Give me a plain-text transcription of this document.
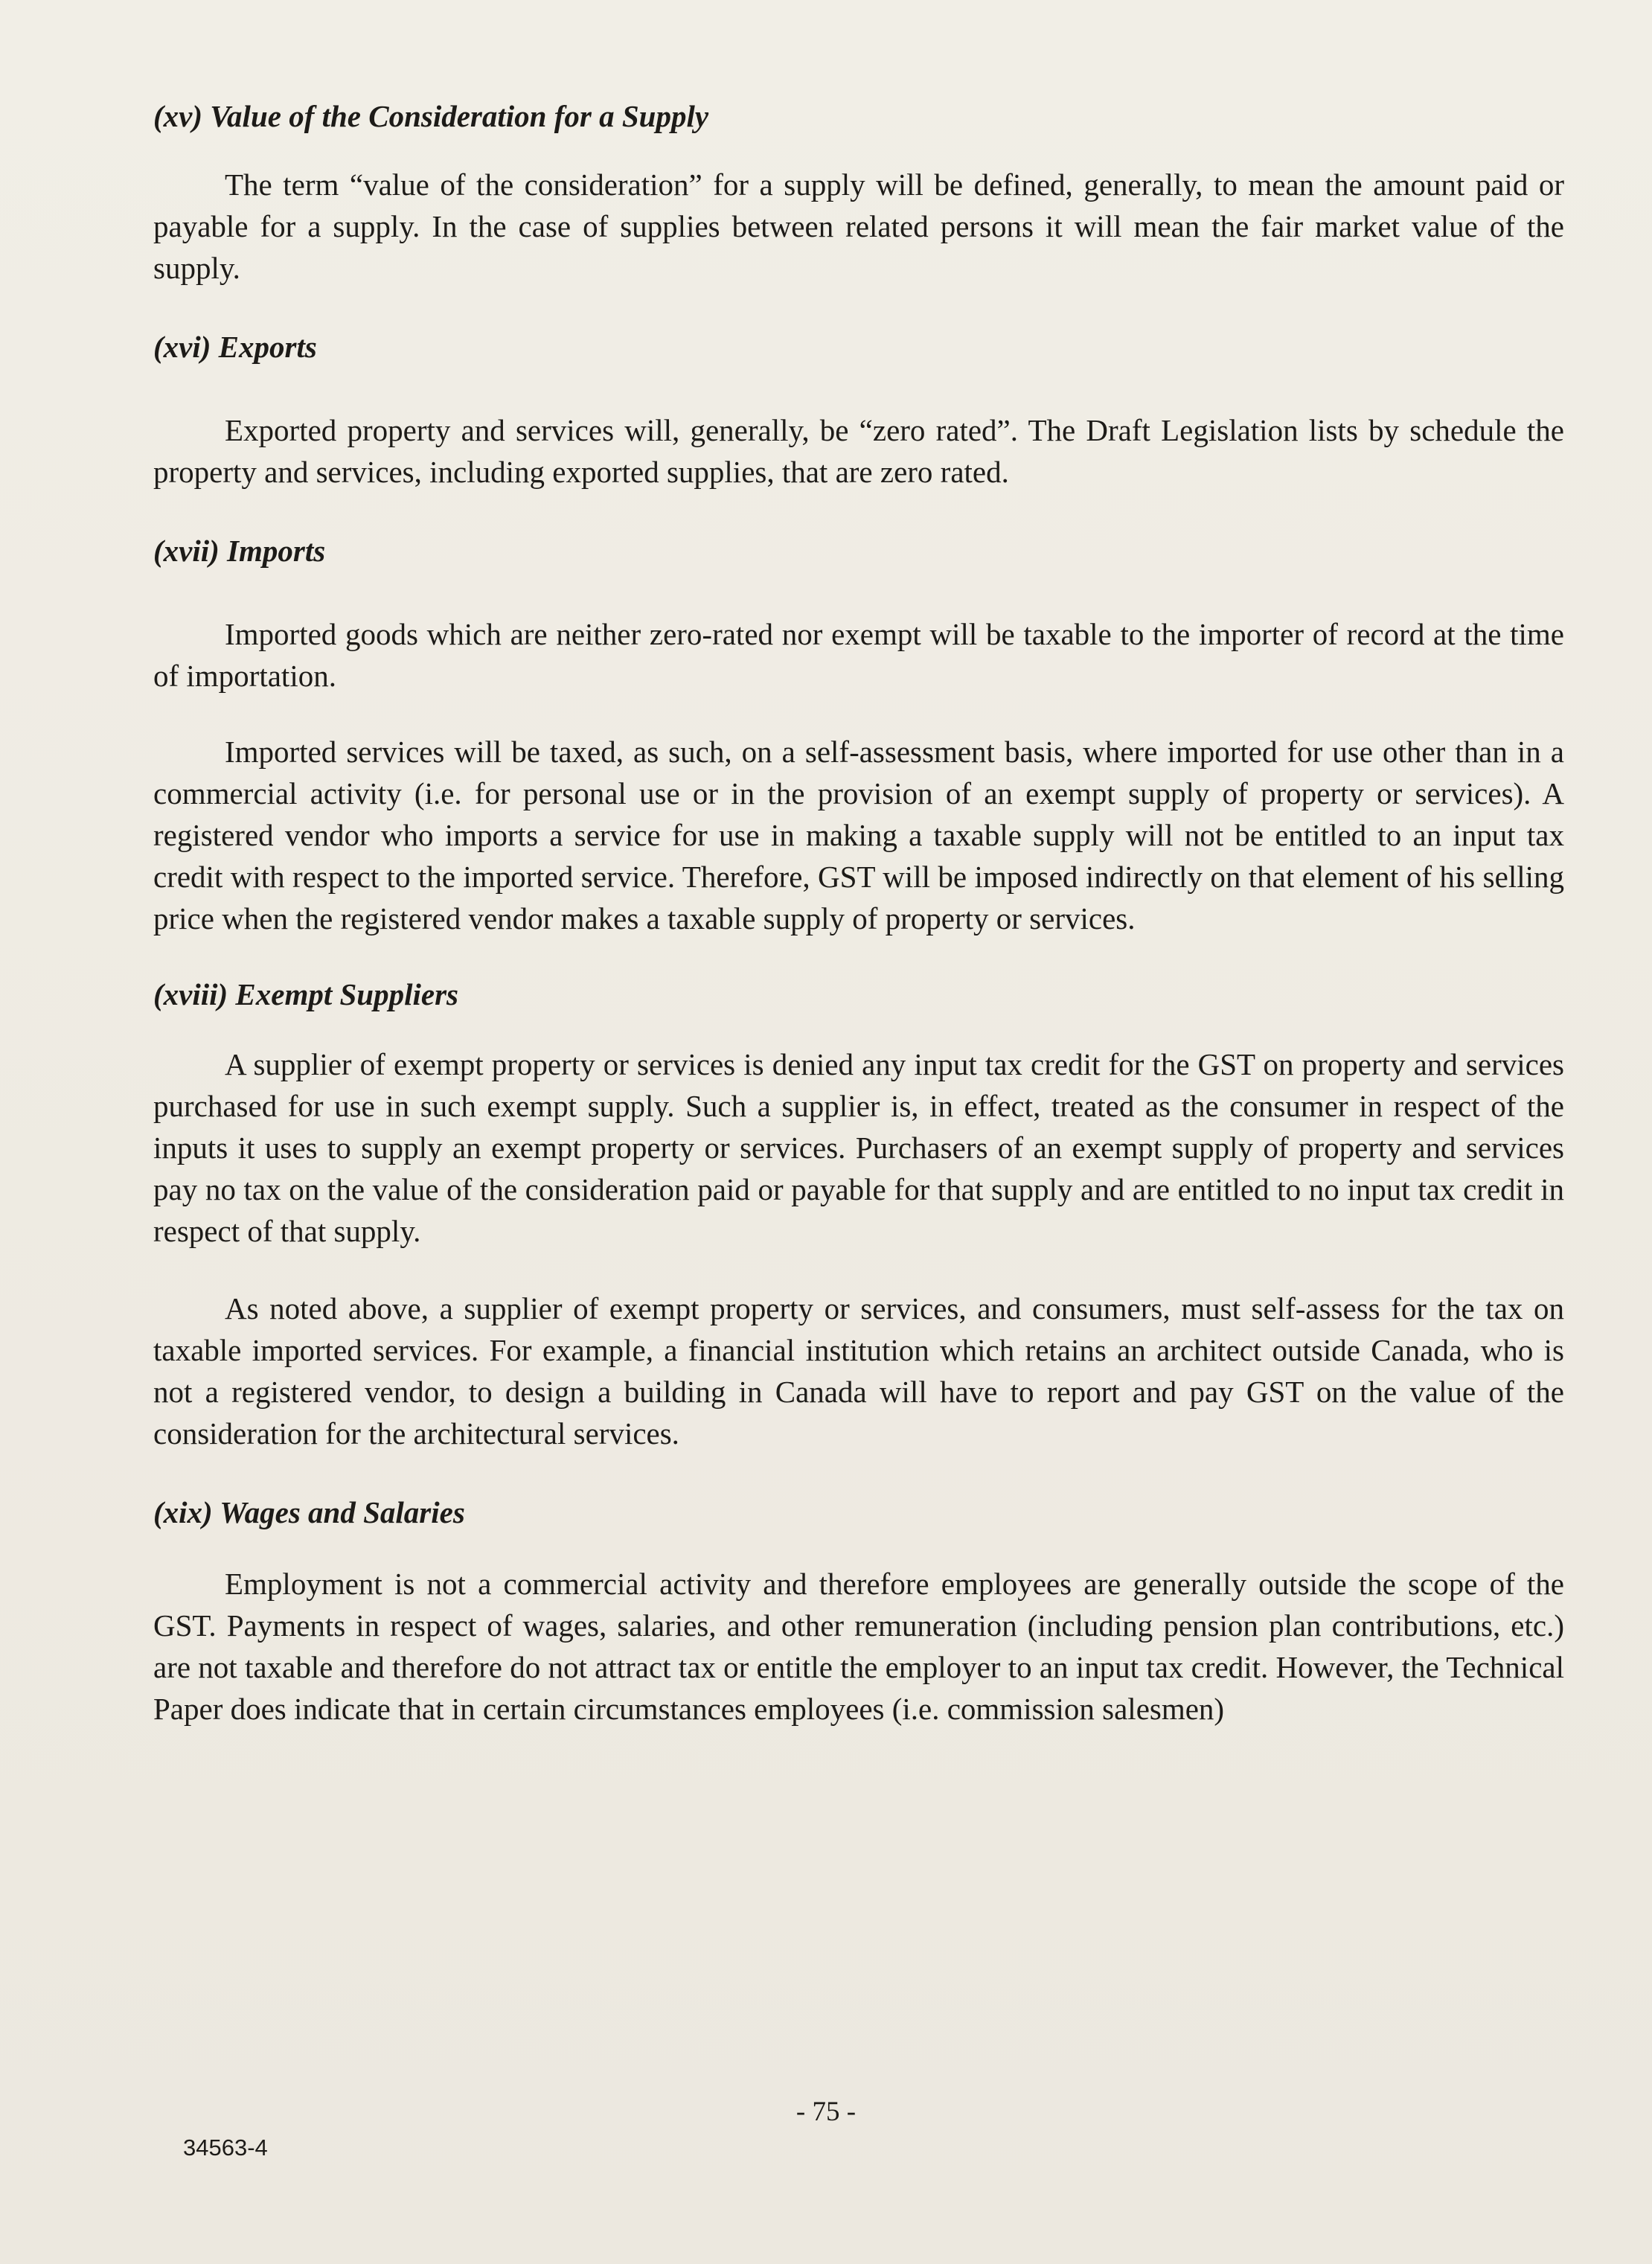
(xv) Value of the Consideration for a Supply

The term “value of the consideration” for a supply will be defined, generally, to mean the amount paid or payable for a supply. In the case of supplies between related persons it will mean the fair market value of the supply.

(xvi) Exports

Exported property and services will, generally, be “zero rated”. The Draft Legislation lists by schedule the property and services, including exported supplies, that are zero rated.

(xvii) Imports

Imported goods which are neither zero-rated nor exempt will be taxable to the importer of record at the time of importation.

Imported services will be taxed, as such, on a self-assessment basis, where imported for use other than in a commercial activity (i.e. for personal use or in the provision of an exempt supply of property or services). A registered vendor who imports a service for use in making a taxable supply will not be entitled to an input tax credit with respect to the imported service. Therefore, GST will be imposed indirectly on that element of his selling price when the registered vendor makes a taxable supply of property or services.

(xviii) Exempt Suppliers

A supplier of exempt property or services is denied any input tax credit for the GST on property and services purchased for use in such exempt supply. Such a supplier is, in effect, treated as the consumer in respect of the inputs it uses to supply an exempt property or services. Purchasers of an exempt supply of property and services pay no tax on the value of the consideration paid or payable for that supply and are entitled to no input tax credit in respect of that supply.

As noted above, a supplier of exempt property or services, and consumers, must self-assess for the tax on taxable imported services. For example, a financial institution which retains an architect outside Canada, who is not a registered vendor, to design a building in Canada will have to report and pay GST on the value of the consideration for the architectural services.

(xix) Wages and Salaries

Employment is not a commercial activity and therefore employees are generally outside the scope of the GST. Payments in respect of wages, salaries, and other remuneration (including pension plan contributions, etc.) are not taxable and therefore do not attract tax or entitle the employer to an input tax credit. However, the Technical Paper does indicate that in certain circumstances employees (i.e. commission salesmen)

- 75 -
34563-4
